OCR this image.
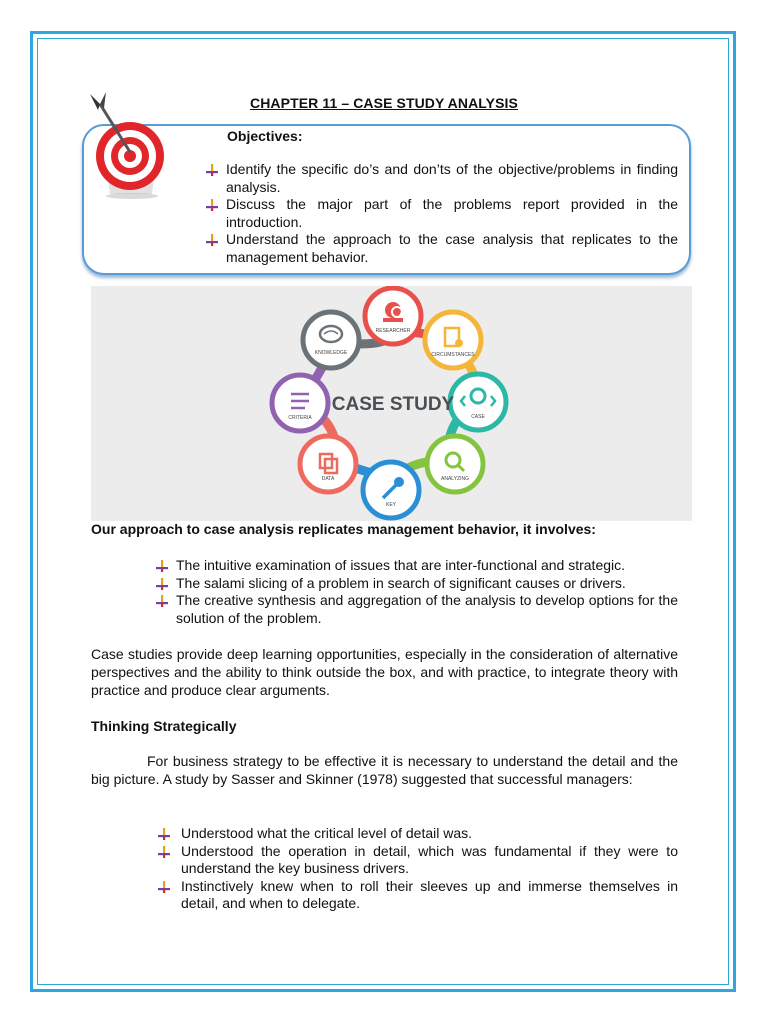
CHAPTER 11 – CASE STUDY ANALYSIS
Objectives:
Identify the specific do’s and don’ts of the objective/problems in finding analysis.
Discuss the major part of the problems report provided in the introduction.
Understand the approach to the case analysis that replicates to the management behavior.
RESEARCHER
CIRCUMSTANCES
CASE
ANALYZING
KEY
DATA
CRITERIA
KNOWLEDGE
CASE STUDY
Our approach to case analysis replicates management behavior, it involves:
The intuitive examination of issues that are inter-functional and strategic.
The salami slicing of a problem in search of significant causes or drivers.
The creative synthesis and aggregation of the analysis to develop options for the solution of the problem.
Case studies provide deep learning opportunities, especially in the consideration of alternative perspectives and the ability to think outside the box, and with practice, to integrate theory with practice and produce clear arguments.
Thinking Strategically
For business strategy to be effective it is necessary to understand the detail and the big picture. A study by Sasser and Skinner (1978) suggested that successful managers:
Understood what the critical level of detail was.
Understood the operation in detail, which was fundamental if they were to understand the key business drivers.
Instinctively knew when to roll their sleeves up and immerse themselves in detail, and when to delegate.
